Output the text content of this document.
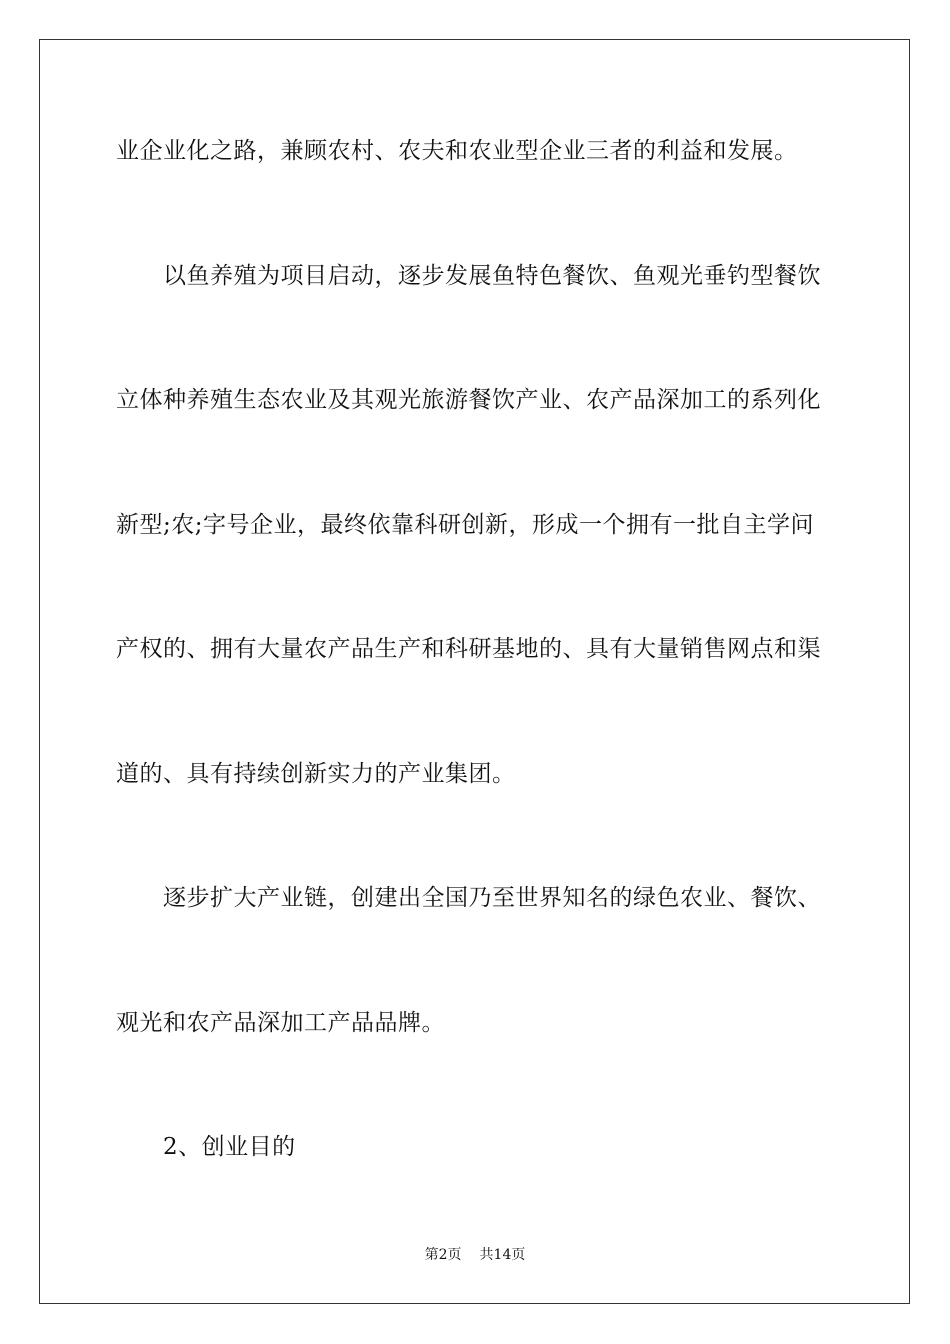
业企业化之路，兼顾农村、农夫和农业型企业三者的利益和发展。
以鱼养殖为项目启动，逐步发展鱼特色餐饮、鱼观光垂钓型餐饮
立体种养殖生态农业及其观光旅游餐饮产业、农产品深加工的系列化
新型;农;字号企业，最终依靠科研创新，形成一个拥有一批自主学问
产权的、拥有大量农产品生产和科研基地的、具有大量销售网点和渠
道的、具有持续创新实力的产业集团。
逐步扩大产业链，创建出全国乃至世界知名的绿色农业、餐饮、
观光和农产品深加工产品品牌。
2、创业目的
第2页 共14页
